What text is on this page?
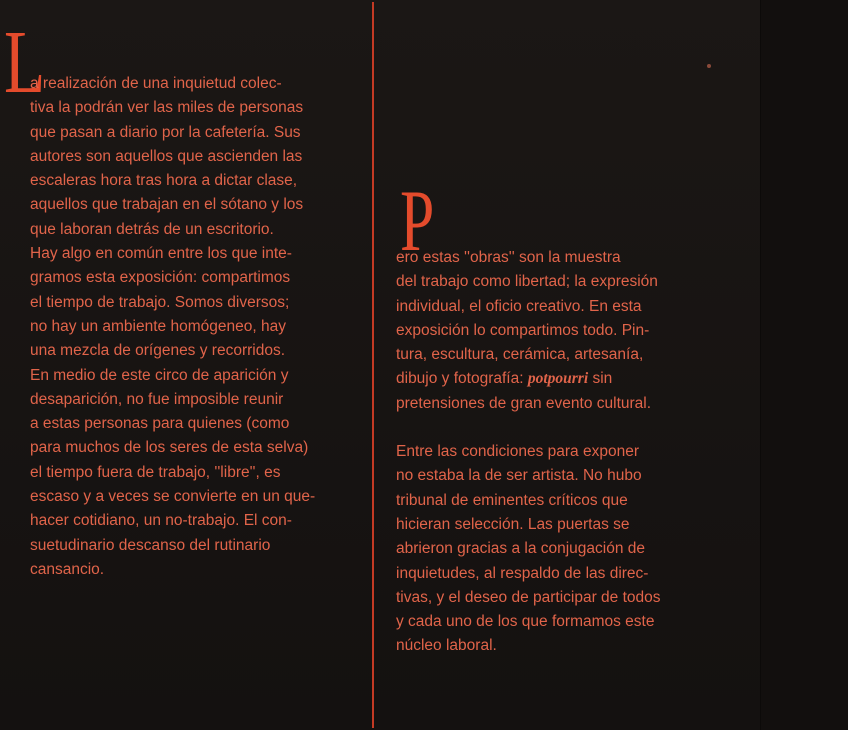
L

a realización de una inquietud colec-
tiva la podrán ver las miles de personas
que pasan a diario por la cafetería. Sus
autores son aquellos que ascienden las
escaleras hora tras hora a dictar clase,
aquellos que trabajan en el sótano y los
que laboran detrás de un escritorio.
Hay algo en común entre los que inte-
gramos esta exposición: compartimos
el tiempo de trabajo. Somos diversos;
no hay un ambiente homógeneo, hay
una mezcla de orígenes y recorridos.
En medio de este circo de aparición y
desaparición, no fue imposible reunir
a estas personas para quienes (como
para muchos de los seres de esta selva)
el tiempo fuera de trabajo, ''libre'', es
escaso y a veces se convierte en un que-
hacer cotidiano, un no-trabajo. El con-
suetudinario descanso del rutinario
cansancio.

P

ero estas ''obras'' son la muestra
del trabajo como libertad; la expresión
individual, el oficio creativo. En esta
exposición lo compartimos todo. Pin-
tura, escultura, cerámica, artesanía,
dibujo y fotografía: potpourri sin
pretensiones de gran evento cultural.

Entre las condiciones para exponer
no estaba la de ser artista. No hubo
tribunal de eminentes críticos que
hicieran selección. Las puertas se
abrieron gracias a la conjugación de
inquietudes, al respaldo de las direc-
tivas, y el deseo de participar de todos
y cada uno de los que formamos este
núcleo laboral.
